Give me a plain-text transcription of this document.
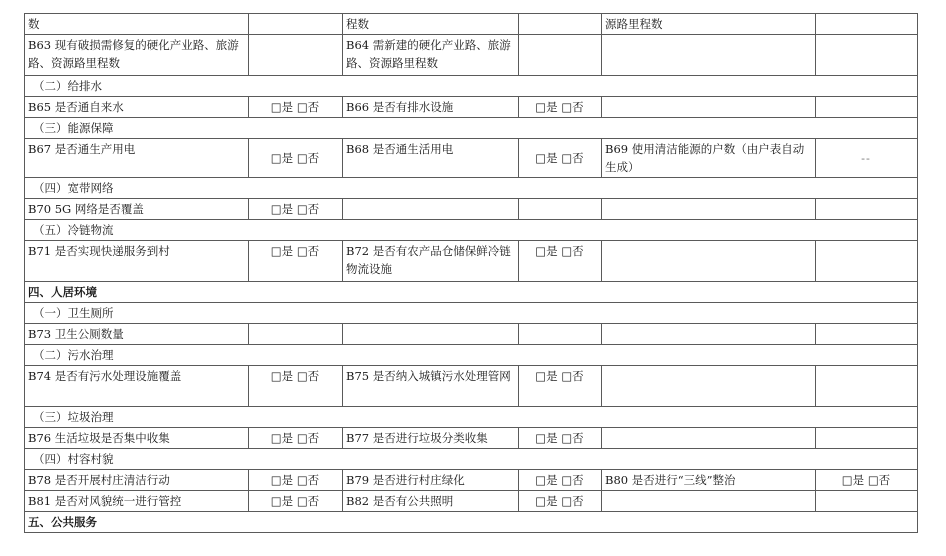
数		程数		源路里程数	
B63 现有破损需修复的硬化产业路、旅游路、资源路里程数		B64 需新建的硬化产业路、旅游路、资源路里程数			
（二）给排水					
B65 是否通自来水	□是 □否	B66 是否有排水设施	□是 □否		
（三）能源保障					
B67 是否通生产用电	□是 □否	B68 是否通生活用电	□是 □否	B69 使用清洁能源的户数（由户表自动生成）	--
（四）宽带网络					
B70 5G 网络是否覆盖	□是 □否				
（五）冷链物流					
B71 是否实现快递服务到村	□是 □否	B72 是否有农产品仓储保鲜冷链物流设施	□是 □否		
四、人居环境					
（一）卫生厕所					
B73 卫生公厕数量					
（二）污水治理					
B74 是否有污水处理设施覆盖	□是 □否	B75 是否纳入城镇污水处理管网	□是 □否		
（三）垃圾治理					
B76 生活垃圾是否集中收集	□是 □否	B77 是否进行垃圾分类收集	□是 □否		
（四）村容村貌					
B78 是否开展村庄清洁行动	□是 □否	B79 是否进行村庄绿化	□是 □否	B80 是否进行“三线”整治	□是 □否
B81 是否对风貌统一进行管控	□是 □否	B82 是否有公共照明	□是 □否		
五、公共服务					
